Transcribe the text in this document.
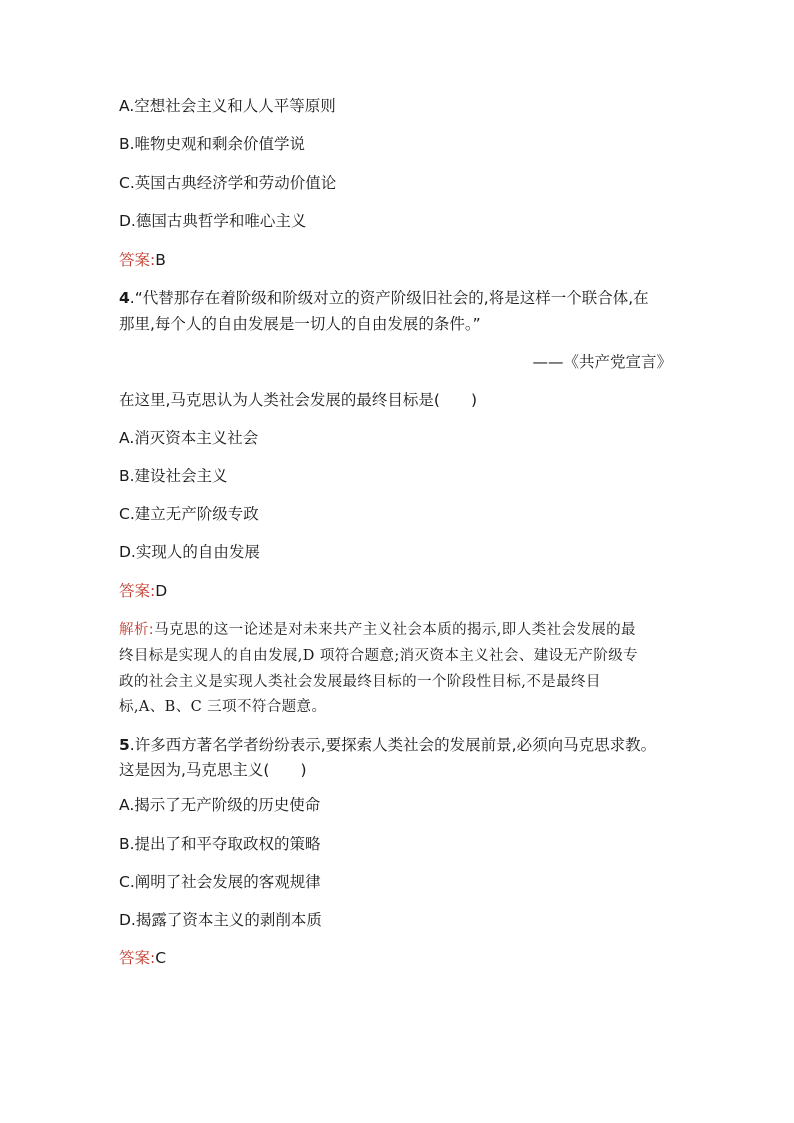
A.空想社会主义和人人平等原则
B.唯物史观和剩余价值学说
C.英国古典经济学和劳动价值论
D.德国古典哲学和唯心主义
答案:B
4.“代替那存在着阶级和阶级对立的资产阶级旧社会的,将是这样一个联合体,在
那里,每个人的自由发展是一切人的自由发展的条件。”
——《共产党宣言》
在这里,马克思认为人类社会发展的最终目标是(　　)
A.消灭资本主义社会
B.建设社会主义
C.建立无产阶级专政
D.实现人的自由发展
答案:D
解析:马克思的这一论述是对未来共产主义社会本质的揭示,即人类社会发展的最
终目标是实现人的自由发展,D 项符合题意;消灭资本主义社会、建设无产阶级专
政的社会主义是实现人类社会发展最终目标的一个阶段性目标,不是最终目
标,A、B、C 三项不符合题意。
5.许多西方著名学者纷纷表示,要探索人类社会的发展前景,必须向马克思求教。
这是因为,马克思主义(　　)
A.揭示了无产阶级的历史使命
B.提出了和平夺取政权的策略
C.阐明了社会发展的客观规律
D.揭露了资本主义的剥削本质
答案:C
